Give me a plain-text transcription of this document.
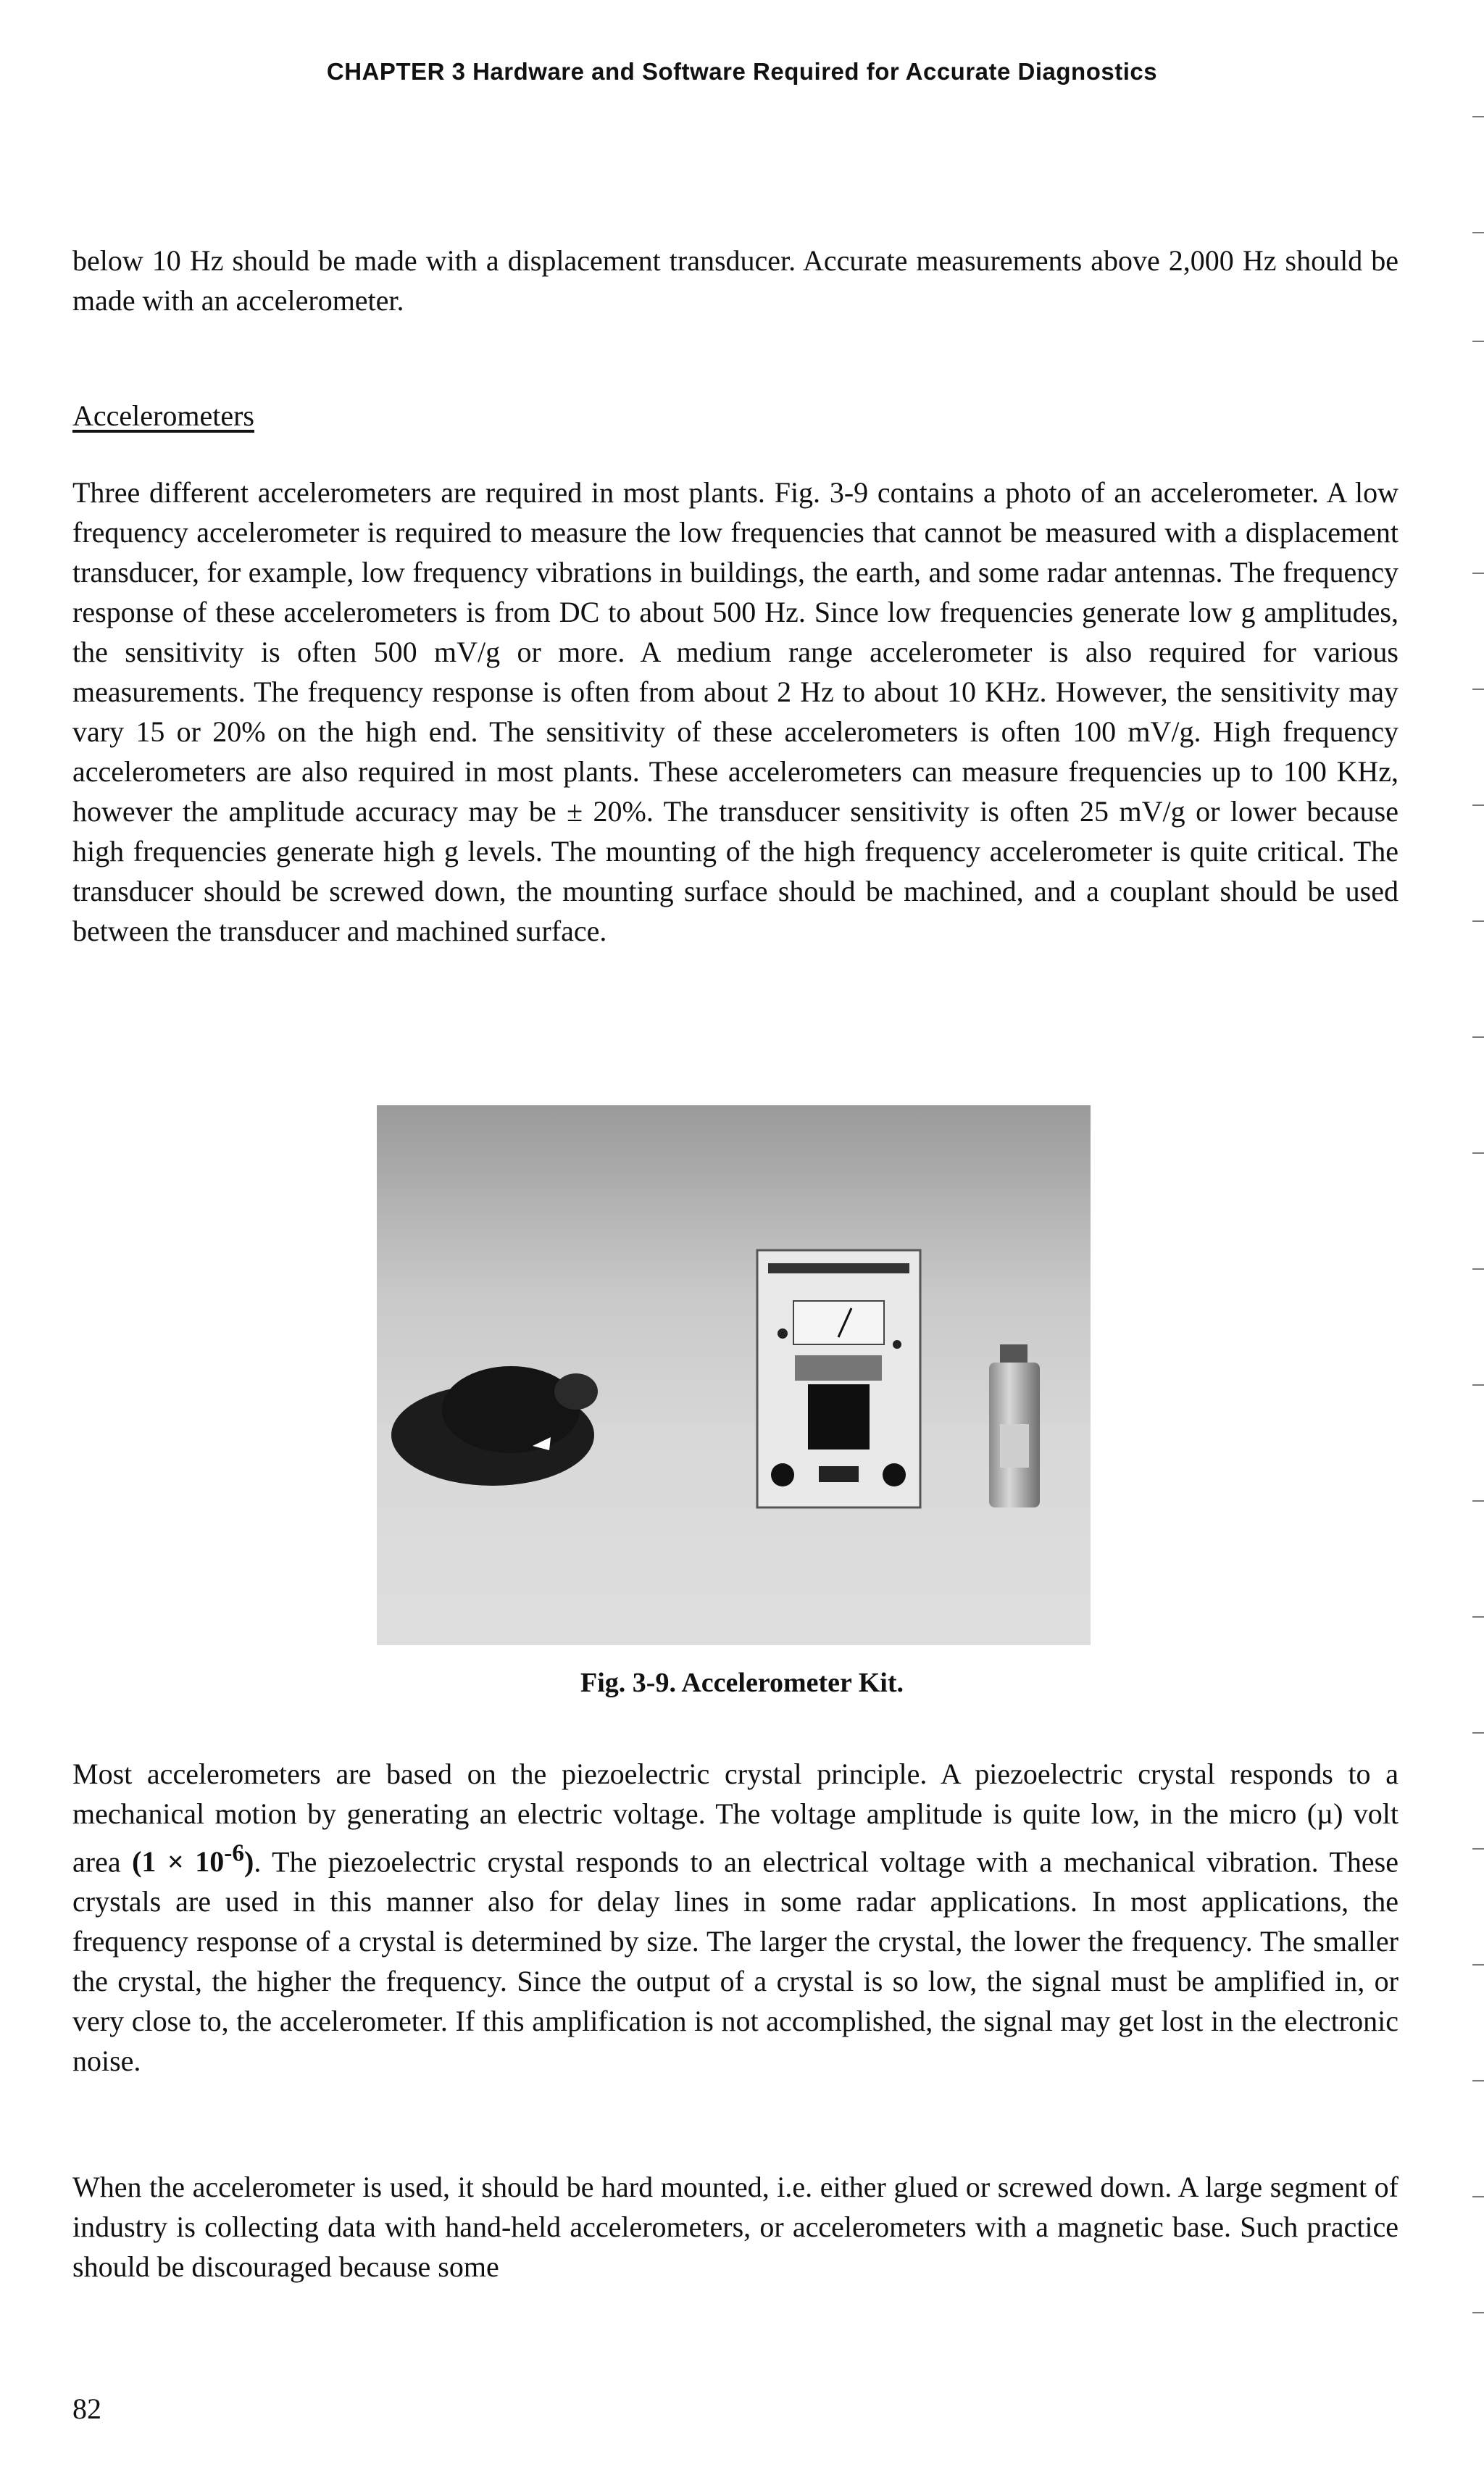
CHAPTER 3 Hardware and Software Required for Accurate Diagnostics
below 10 Hz should be made with a displacement transducer. Accurate measurements above 2,000 Hz should be made with an accelerometer.
Accelerometers
Three different accelerometers are required in most plants. Fig. 3-9 contains a photo of an accelerometer. A low frequency accelerometer is required to measure the low frequencies that cannot be measured with a displacement transducer, for example, low frequency vibrations in buildings, the earth, and some radar antennas. The frequency response of these accelerometers is from DC to about 500 Hz. Since low frequencies generate low g amplitudes, the sensitivity is often 500 mV/g or more. A medium range accelerometer is also required for various measurements. The frequency response is often from about 2 Hz to about 10 KHz. However, the sensitivity may vary 15 or 20% on the high end. The sensitivity of these accelerometers is often 100 mV/g. High frequency accelerometers are also required in most plants. These accelerometers can measure frequencies up to 100 KHz, however the amplitude accuracy may be ± 20%. The transducer sensitivity is often 25 mV/g or lower because high frequencies generate high g levels. The mounting of the high frequency accelerometer is quite critical. The transducer should be screwed down, the mounting surface should be machined, and a couplant should be used between the transducer and machined surface.
Fig. 3-9. Accelerometer Kit.
Most accelerometers are based on the piezoelectric crystal principle. A piezoelectric crystal responds to a mechanical motion by generating an electric voltage. The voltage amplitude is quite low, in the micro (µ) volt area $(1 \times 10^{-6})$. The piezoelectric crystal responds to an electrical voltage with a mechanical vibration. These crystals are used in this manner also for delay lines in some radar applications. In most applications, the frequency response of a crystal is determined by size. The larger the crystal, the lower the frequency. The smaller the crystal, the higher the frequency. Since the output of a crystal is so low, the signal must be amplified in, or very close to, the accelerometer. If this amplification is not accomplished, the signal may get lost in the electronic noise.
When the accelerometer is used, it should be hard mounted, i.e. either glued or screwed down. A large segment of industry is collecting data with hand-held accelerometers, or accelerometers with a magnetic base. Such practice should be discouraged because some
82
